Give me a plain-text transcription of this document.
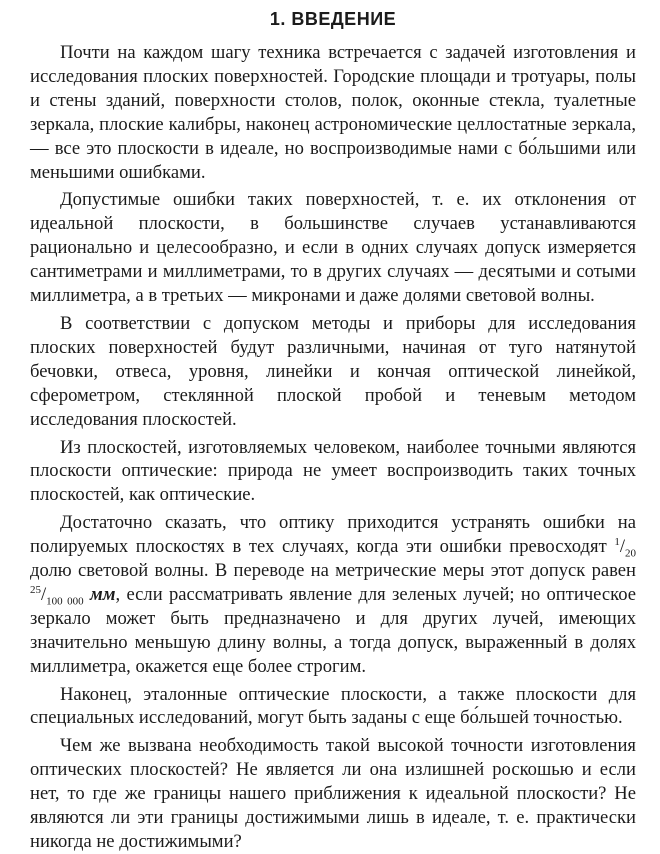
1. ВВЕДЕНИЕ

Почти на каждом шагу техника встречается с задачей изготовления и исследования плоских поверхностей. Городские площади и тротуары, полы и стены зданий, поверхности столов, полок, оконные стекла, туалетные зеркала, плоские калибры, наконец астрономические целлостатные зеркала, — все это плоскости в идеале, но воспроизводимые нами с бо́льшими или меньшими ошибками.

Допустимые ошибки таких поверхностей, т. е. их отклонения от идеальной плоскости, в большинстве случаев устанавливаются рационально и целесообразно, и если в одних случаях допуск измеряется сантиметрами и миллиметрами, то в других случаях — десятыми и сотыми миллиметра, а в третьих — микронами и даже долями световой волны.

В соответствии с допуском методы и приборы для исследования плоских поверхностей будут различными, начиная от туго натянутой бечовки, отвеса, уровня, линейки и кончая оптической линейкой, сферометром, стеклянной плоской пробой и теневым методом исследования плоскостей.

Из плоскостей, изготовляемых человеком, наиболее точными являются плоскости оптические: природа не умеет воспроизводить таких точных плоскостей, как оптические.

Достаточно сказать, что оптику приходится устранять ошибки на полируемых плоскостях в тех случаях, когда эти ошибки превосходят $^1/_{20}$ долю световой волны. В переводе на метрические меры этот допуск равен $^{25}/_{100 000}$ мм, если рассматривать явление для зеленых лучей; но оптическое зеркало может быть предназначено и для других лучей, имеющих значительно меньшую длину волны, а тогда допуск, выраженный в долях миллиметра, окажется еще более строгим.

Наконец, эталонные оптические плоскости, а также плоскости для специальных исследований, могут быть заданы с еще бо́льшей точностью.

Чем же вызвана необходимость такой высокой точности изготовления оптических плоскостей? Не является ли она излишней роскошью и если нет, то где же границы нашего приближения к идеальной плоскости? Не являются ли эти границы достижимыми лишь в идеале, т. е. практически никогда не достижимыми?
